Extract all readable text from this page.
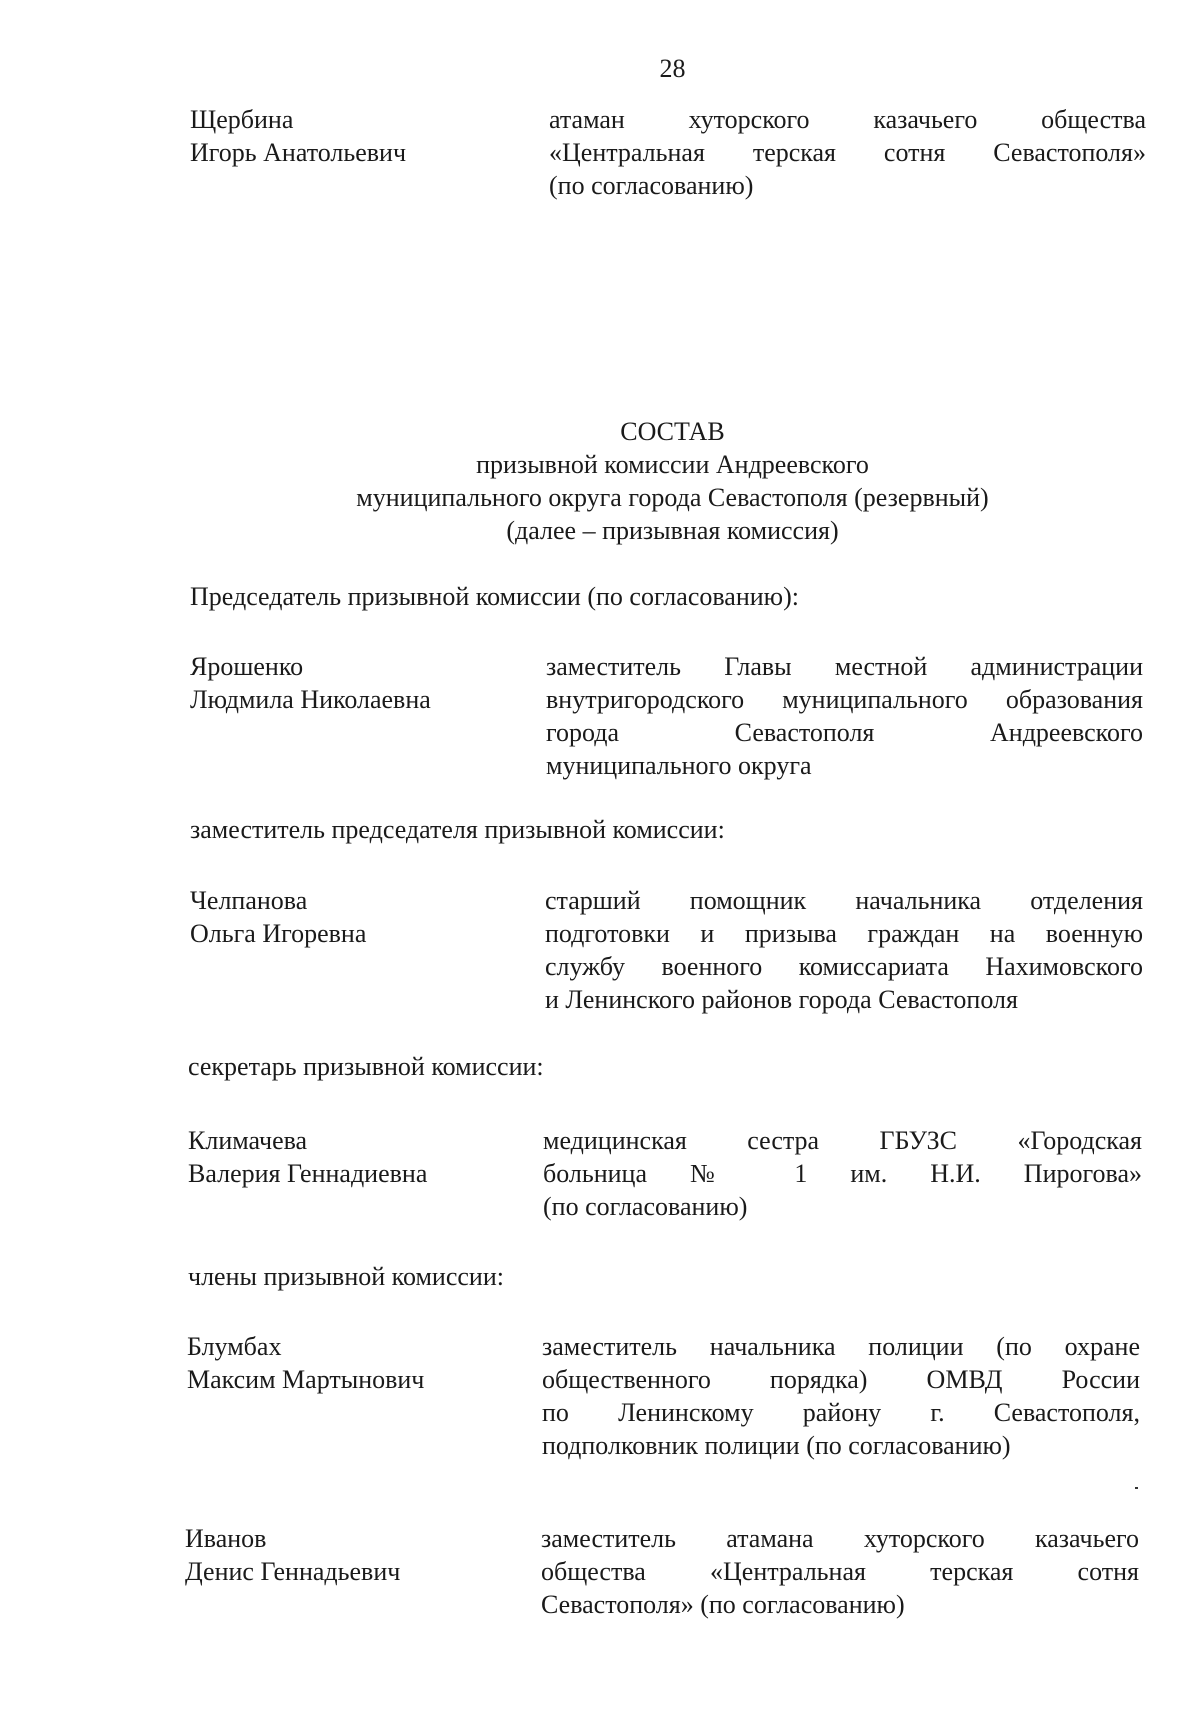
28
Щербина
Игорь Анатольевич
атаман хуторского казачьего общества
«Центральная терская сотня Севастополя»
(по согласованию)
СОСТАВ
призывной комиссии Андреевского
муниципального округа города Севастополя (резервный)
(далее – призывная комиссия)
Председатель призывной комиссии (по согласованию):
Ярошенко
Людмила Николаевна
заместитель Главы местной администрации
внутригородского муниципального образования
города Севастополя Андреевского
муниципального округа
заместитель председателя призывной комиссии:
Челпанова
Ольга Игоревна
старший помощник начальника отделения
подготовки и призыва граждан на военную
службу военного комиссариата Нахимовского
и Ленинского районов города Севастополя
секретарь призывной комиссии:
Климачева
Валерия Геннадиевна
медицинская сестра ГБУЗС «Городская
больница № 1 им. Н.И. Пирогова»
(по согласованию)
члены призывной комиссии:
Блумбах
Максим Мартынович
заместитель начальника полиции (по охране
общественного порядка) ОМВД России
по Ленинскому району г. Севастополя,
подполковник полиции (по согласованию)
Иванов
Денис Геннадьевич
заместитель атамана хуторского казачьего
общества «Центральная терская сотня
Севастополя» (по согласованию)
